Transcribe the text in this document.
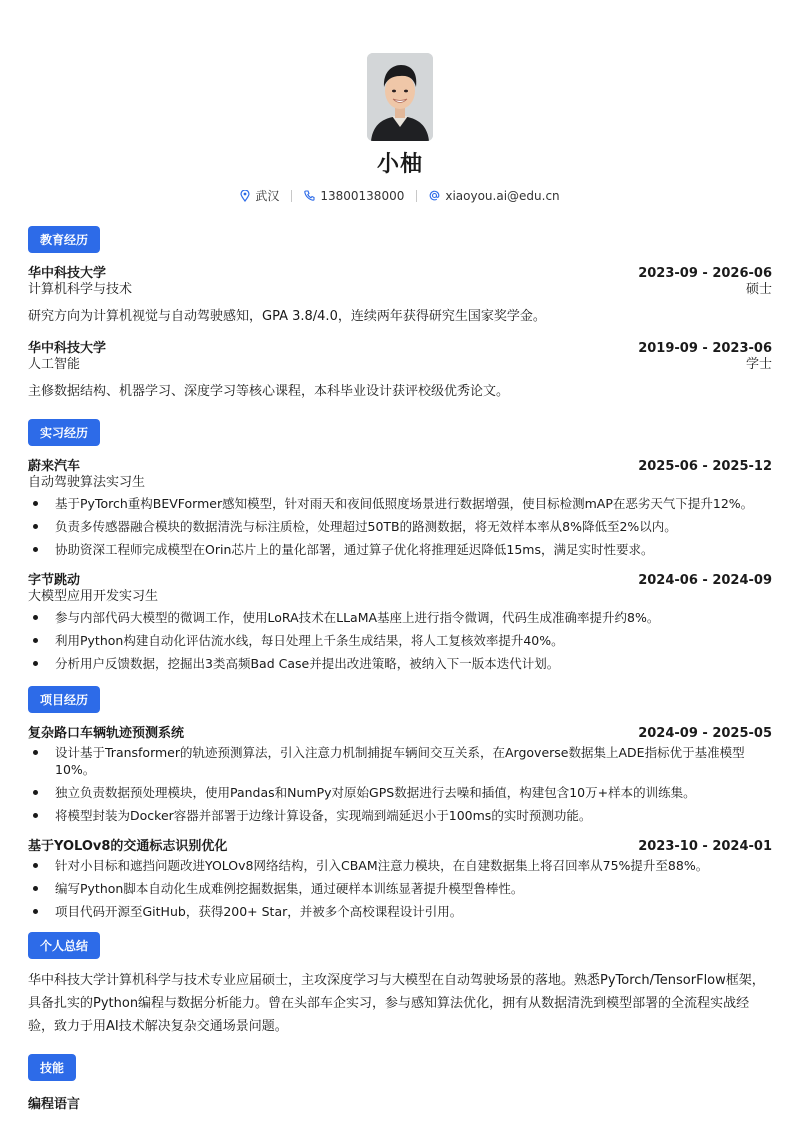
小柚
武汉	13800138000	xiaoyou.ai@edu.cn
教育经历
华中科技大学	2023-09 - 2026-06
计算机科学与技术	硕士
研究方向为计算机视觉与自动驾驶感知，GPA 3.8/4.0，连续两年获得研究生国家奖学金。
华中科技大学	2019-09 - 2023-06
人工智能	学士
主修数据结构、机器学习、深度学习等核心课程，本科毕业设计获评校级优秀论文。
实习经历
蔚来汽车	2025-06 - 2025-12
自动驾驶算法实习生
基于PyTorch重构BEVFormer感知模型，针对雨天和夜间低照度场景进行数据增强，使目标检测mAP在恶劣天气下提升12%。
负责多传感器融合模块的数据清洗与标注质检，处理超过50TB的路测数据，将无效样本率从8%降低至2%以内。
协助资深工程师完成模型在Orin芯片上的量化部署，通过算子优化将推理延迟降低15ms，满足实时性要求。
字节跳动	2024-06 - 2024-09
大模型应用开发实习生
参与内部代码大模型的微调工作，使用LoRA技术在LLaMA基座上进行指令微调，代码生成准确率提升约8%。
利用Python构建自动化评估流水线，每日处理上千条生成结果，将人工复核效率提升40%。
分析用户反馈数据，挖掘出3类高频Bad Case并提出改进策略，被纳入下一版本迭代计划。
项目经历
复杂路口车辆轨迹预测系统	2024-09 - 2025-05
设计基于Transformer的轨迹预测算法，引入注意力机制捕捉车辆间交互关系，在Argoverse数据集上ADE指标优于基准模型10%。
独立负责数据预处理模块，使用Pandas和NumPy对原始GPS数据进行去噪和插值，构建包含10万+样本的训练集。
将模型封装为Docker容器并部署于边缘计算设备，实现端到端延迟小于100ms的实时预测功能。
基于YOLOv8的交通标志识别优化	2023-10 - 2024-01
针对小目标和遮挡问题改进YOLOv8网络结构，引入CBAM注意力模块，在自建数据集上将召回率从75%提升至88%。
编写Python脚本自动化生成难例挖掘数据集，通过硬样本训练显著提升模型鲁棒性。
项目代码开源至GitHub，获得200+ Star，并被多个高校课程设计引用。
个人总结
华中科技大学计算机科学与技术专业应届硕士，主攻深度学习与大模型在自动驾驶场景的落地。熟悉PyTorch/TensorFlow框架，具备扎实的Python编程与数据分析能力。曾在头部车企实习，参与感知算法优化，拥有从数据清洗到模型部署的全流程实战经验，致力于用AI技术解决复杂交通场景问题。
技能
编程语言
